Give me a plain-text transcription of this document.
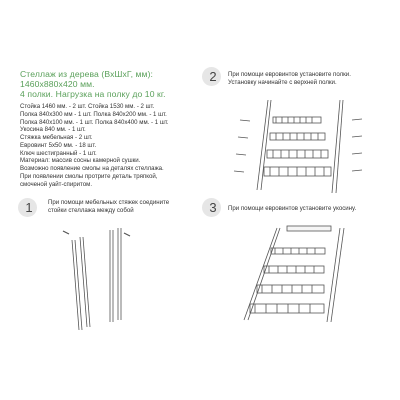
Стеллаж из дерева (ВхШхГ, мм):
1460х880х420 мм.
4 полки. Нагрузка на полку до 10 кг.
Стойка 1460 мм. - 2 шт. Стойка 1530 мм. - 2 шт.
Полка 840х300 мм - 1 шт. Полка 840х200 мм. - 1 шт.
Полка 840х100 мм. - 1 шт. Полка 840х400 мм. - 1 шт.
Укосина 840 мм. - 1 шт.
Стяжка мебельная - 2 шт.
Евровинт 5х50 мм. - 18 шт.
Ключ шестигранный - 1 шт.
Материал: массив сосны камерной сушки.
Возможно появление смолы на деталях стеллажа.
При появлении смолы протрите деталь тряпкой,
смоченой уайт-спиритом.
1	При помощи мебельных стяжек соедините
стойки стеллажа между собой
2	При помощи евровинтов установите полки.
Установку начинайте с верхней полки.
3	При помощи евровинтов установите укосину.
